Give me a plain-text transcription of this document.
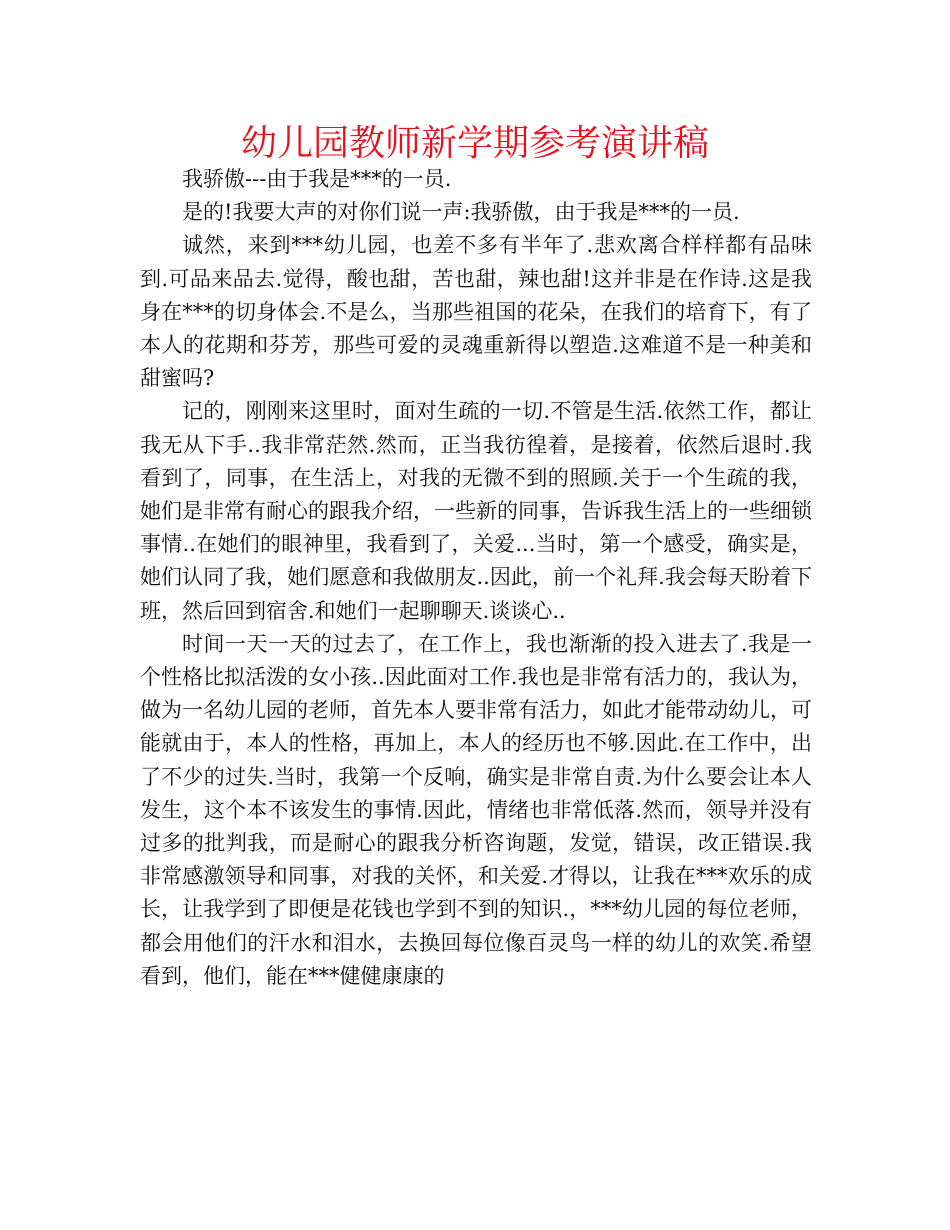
幼儿园教师新学期参考演讲稿

我骄傲---由于我是***的一员.

是的!我要大声的对你们说一声:我骄傲，由于我是***的一员.

诚然，来到***幼儿园，也差不多有半年了.悲欢离合样样都有品味到.可品来品去.觉得，酸也甜，苦也甜，辣也甜!这并非是在作诗.这是我身在***的切身体会.不是么，当那些祖国的花朵，在我们的培育下，有了本人的花期和芬芳，那些可爱的灵魂重新得以塑造.这难道不是一种美和甜蜜吗?

记的，刚刚来这里时，面对生疏的一切.不管是生活.依然工作，都让我无从下手..我非常茫然.然而，正当我彷徨着，是接着，依然后退时.我看到了，同事，在生活上，对我的无微不到的照顾.关于一个生疏的我，她们是非常有耐心的跟我介绍，一些新的同事，告诉我生活上的一些细锁事情..在她们的眼神里，我看到了，关爱...当时，第一个感受，确实是，她们认同了我，她们愿意和我做朋友..因此，前一个礼拜.我会每天盼着下班，然后回到宿舍.和她们一起聊聊天.谈谈心..

时间一天一天的过去了，在工作上，我也渐渐的投入进去了.我是一个性格比拟活泼的女小孩..因此面对工作.我也是非常有活力的，我认为，做为一名幼儿园的老师，首先本人要非常有活力，如此才能带动幼儿，可能就由于，本人的性格，再加上，本人的经历也不够.因此.在工作中，出了不少的过失.当时，我第一个反响，确实是非常自责.为什么要会让本人发生，这个本不该发生的事情.因此，情绪也非常低落.然而，领导并没有过多的批判我，而是耐心的跟我分析咨询题，发觉，错误，改正错误.我非常感激领导和同事，对我的关怀，和关爱.才得以，让我在***欢乐的成长，让我学到了即便是花钱也学到不到的知识.，***幼儿园的每位老师，都会用他们的汗水和泪水，去换回每位像百灵鸟一样的幼儿的欢笑.希望看到，他们，能在***健健康康的
